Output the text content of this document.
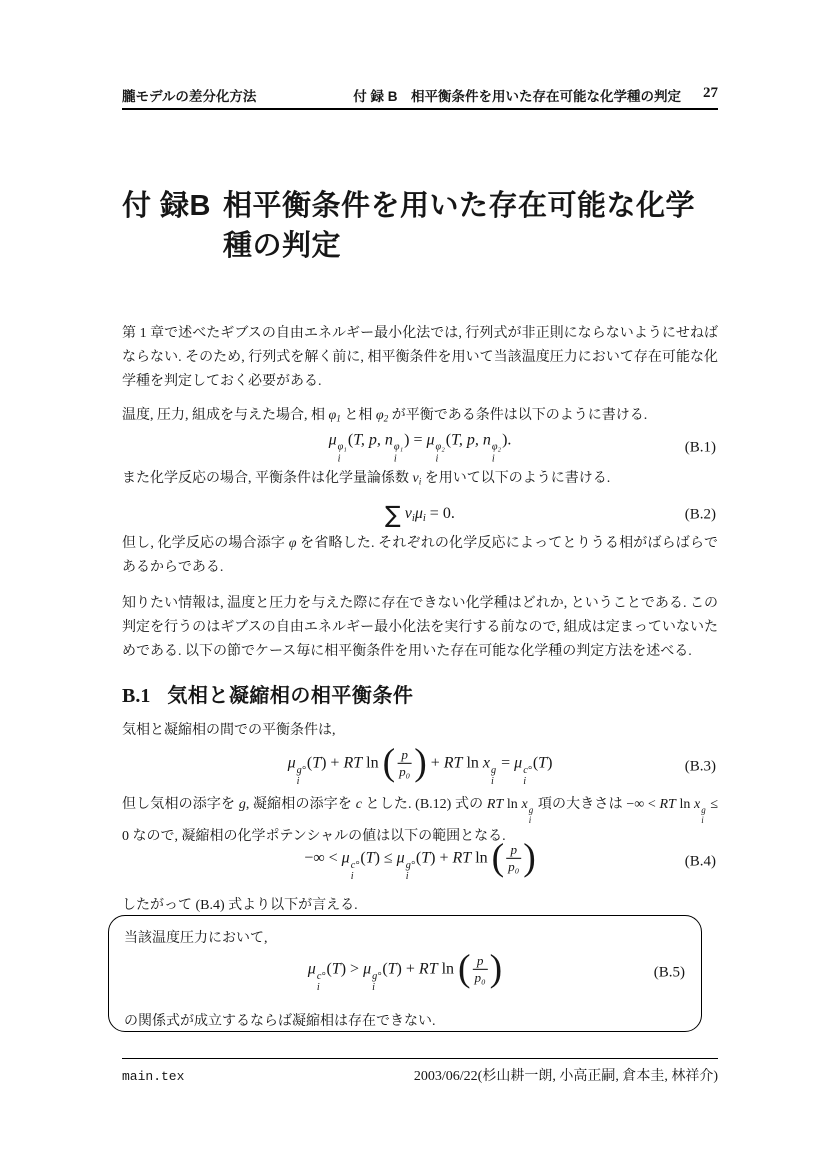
朧モデルの差分化方法	付 録 B　相平衡条件を用いた存在可能な化学種の判定 27
付 録B 相平衡条件を用いた存在可能な化学
種の判定
第 1 章で述べたギブスの自由エネルギー最小化法では, 行列式が非正則にならないようにせねばならない. そのため, 行列式を解く前に, 相平衡条件を用いて当該温度圧力において存在可能な化学種を判定しておく必要がある.
温度, 圧力, 組成を与えた場合, 相 φ1 と相 φ2 が平衡である条件は以下のように書ける.
μ φ₁
i
(T, p, n φ₁
i
) = μ φ₂
i
(T, p, n φ₂
i
).	(B.1)
また化学反応の場合, 平衡条件は化学量論係数 νi を用いて以下のように書ける.
∑ νiμi = 0.	(B.2)
但し, 化学反応の場合添字 φ を省略した. それぞれの化学反応によってとりうる相がばらばらであるからである.
知りたい情報は, 温度と圧力を与えた際に存在できない化学種はどれか, ということである. この判定を行うのはギブスの自由エネルギー最小化法を実行する前なので, 組成は定まっていないためである. 以下の節でケース毎に相平衡条件を用いた存在可能な化学種の判定方法を述べる.
B.1 気相と凝縮相の相平衡条件
気相と凝縮相の間での平衡条件は,
μ g°
i
(T) + RT ln ( $\frac{p}{\text{p₀}}$ ) + RT ln x g
i
= μ c°
i
(T)	(B.3)
但し気相の添字を g, 凝縮相の添字を c とした. (B.12) 式の RT ln x g
i
項の大きさは −∞ < RT ln x g
i
≤ 0 なので, 凝縮相の化学ポテンシャルの値は以下の範囲となる.
−∞ < μ c°
i
(T) ≤ μ g°
i
(T) + RT ln ( $\frac{p}{\text{p₀}}$ )	(B.4)
したがって (B.4) 式より以下が言える.
当該温度圧力において,
μ c°
i
(T) > μ g°
i
(T) + RT ln ( $\frac{p}{\text{p₀}}$ )	(B.5)
の関係式が成立するならば凝縮相は存在できない.
main.tex	2003/06/22(杉山耕一朗, 小高正嗣, 倉本圭, 林祥介)
